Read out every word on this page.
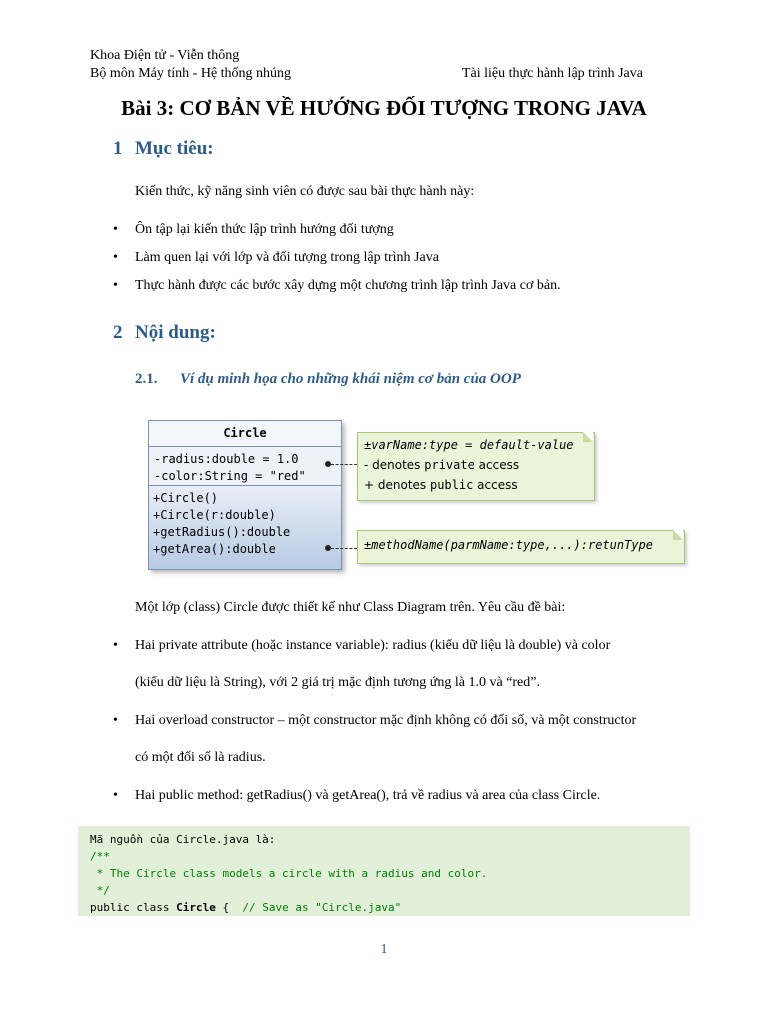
Khoa Điện tử - Viễn thông
Bộ môn Máy tính - Hệ thống nhúng	Tài liệu thực hành lập trình Java
Bài 3: CƠ BẢN VỀ HƯỚNG ĐỐI TƯỢNG TRONG JAVA
1 Mục tiêu:
Kiến thức, kỹ năng sinh viên có được sau bài thực hành này:
• Ôn tập lại kiến thức lập trình hướng đối tượng
• Làm quen lại với lớp và đối tượng trong lập trình Java
• Thực hành được các bước xây dựng một chương trình lập trình Java cơ bản.
2 Nội dung:
2.1. Ví dụ minh họa cho những khái niệm cơ bản của OOP
Circle
-radius:double = 1.0
-color:String = "red"
+Circle()
+Circle(r:double)
+getRadius():double
+getArea():double
±varName:type = default-value
- denotes private access
+ denotes public access
±methodName(parmName:type,...):retunType
Một lớp (class) Circle được thiết kế như Class Diagram trên. Yêu cầu đề bài:
• Hai private attribute (hoặc instance variable): radius (kiểu dữ liệu là double) và color
(kiểu dữ liệu là String), với 2 giá trị mặc định tương ứng là 1.0 và “red”.
• Hai overload constructor – một constructor mặc định không có đối số, và một constructor
có một đối số là radius.
• Hai public method: getRadius() và getArea(), trả về radius và area của class Circle.
Mã nguồn của Circle.java là:
/**
* The Circle class models a circle with a radius and color.
*/
public class Circle {  // Save as "Circle.java"
1
